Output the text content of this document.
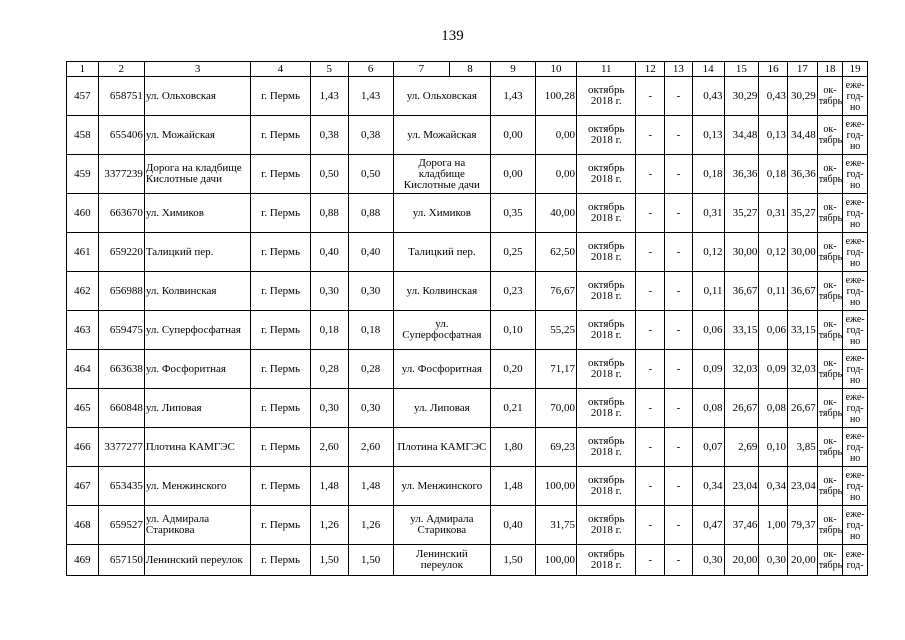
139
1	2	3	4	5	6	7	8	9	10	11	12	13	14	15	16	17	18	19
457	658751	ул. Ольховская	г. Пермь	1,43	1,43	ул. Ольховская		1,43	100,28	октябрь 2018 г.	-	-	0,43	30,29	0,43	30,29	ок-тябрь	еже-год-но
458	655406	ул. Можайская	г. Пермь	0,38	0,38	ул. Можайская		0,00	0,00	октябрь 2018 г.	-	-	0,13	34,48	0,13	34,48	ок-тябрь	еже-год-но
459	3377239	Дорога на кладбище Кислотные дачи	г. Пермь	0,50	0,50	Дорога на кладбище Кислотные дачи		0,00	0,00	октябрь 2018 г.	-	-	0,18	36,36	0,18	36,36	ок-тябрь	еже-год-но
460	663670	ул. Химиков	г. Пермь	0,88	0,88	ул. Химиков		0,35	40,00	октябрь 2018 г.	-	-	0,31	35,27	0,31	35,27	ок-тябрь	еже-год-но
461	659220	Талицкий пер.	г. Пермь	0,40	0,40	Талицкий пер.		0,25	62,50	октябрь 2018 г.	-	-	0,12	30,00	0,12	30,00	ок-тябрь	еже-год-но
462	656988	ул. Колвинская	г. Пермь	0,30	0,30	ул. Колвинская		0,23	76,67	октябрь 2018 г.	-	-	0,11	36,67	0,11	36,67	ок-тябрь	еже-год-но
463	659475	ул. Суперфосфатная	г. Пермь	0,18	0,18	ул. Суперфосфатная		0,10	55,25	октябрь 2018 г.	-	-	0,06	33,15	0,06	33,15	ок-тябрь	еже-год-но
464	663638	ул. Фосфоритная	г. Пермь	0,28	0,28	ул. Фосфоритная		0,20	71,17	октябрь 2018 г.	-	-	0,09	32,03	0,09	32,03	ок-тябрь	еже-год-но
465	660848	ул. Липовая	г. Пермь	0,30	0,30	ул. Липовая		0,21	70,00	октябрь 2018 г.	-	-	0,08	26,67	0,08	26,67	ок-тябрь	еже-год-но
466	3377277	Плотина КАМГЭС	г. Пермь	2,60	2,60	Плотина КАМГЭС		1,80	69,23	октябрь 2018 г.	-	-	0,07	2,69	0,10	3,85	ок-тябрь	еже-год-но
467	653435	ул. Менжинского	г. Пермь	1,48	1,48	ул. Менжинского		1,48	100,00	октябрь 2018 г.	-	-	0,34	23,04	0,34	23,04	ок-тябрь	еже-год-но
468	659527	ул. Адмирала Старикова	г. Пермь	1,26	1,26	ул. Адмирала Старикова		0,40	31,75	октябрь 2018 г.	-	-	0,47	37,46	1,00	79,37	ок-тябрь	еже-год-но
469	657150	Ленинский переулок	г. Пермь	1,50	1,50	Ленинский переулок		1,50	100,00	октябрь 2018 г.	-	-	0,30	20,00	0,30	20,00	ок-тябрь	еже-год-
